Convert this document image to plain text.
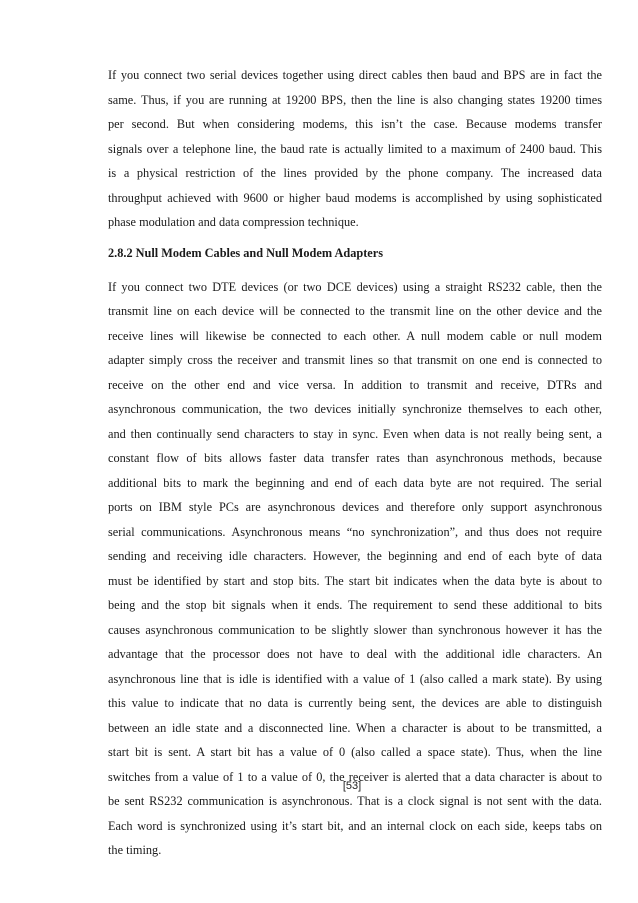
If you connect two serial devices together using direct cables then baud and BPS are in fact the
same. Thus, if you are running at 19200 BPS, then the line is also changing states 19200 times
per second. But when considering modems, this isn’t the case. Because modems transfer
signals over a telephone line, the baud rate is actually limited to a maximum of 2400 baud. This
is a physical restriction of the lines provided by the phone company. The increased data
throughput achieved with 9600 or higher baud modems is accomplished by using sophisticated
phase modulation and data compression technique.
2.8.2 Null Modem Cables and Null Modem Adapters
If you connect two DTE devices (or two DCE devices) using a straight RS232 cable, then the
transmit line on each device will be connected to the transmit line on the other device and the
receive lines will likewise be connected to each other. A null modem cable or null modem
adapter simply cross the receiver and transmit lines so that transmit on one end is connected to
receive on the other end and vice versa. In addition to transmit and receive, DTRs and
asynchronous communication, the two devices initially synchronize themselves to each other,
and then continually send characters to stay in sync. Even when data is not really being sent, a
constant flow of bits allows faster data transfer rates than asynchronous methods, because
additional bits to mark the beginning and end of each data byte are not required. The serial
ports on IBM style PCs are asynchronous devices and therefore only support asynchronous
serial communications. Asynchronous means “no synchronization”, and thus does not require
sending and receiving idle characters. However, the beginning and end of each byte of data
must be identified by start and stop bits. The start bit indicates when the data byte is about to
being and the stop bit signals when it ends. The requirement to send these additional to bits
causes asynchronous communication to be slightly slower than synchronous however it has the
advantage that the processor does not have to deal with the additional idle characters. An
asynchronous line that is idle is identified with a value of 1 (also called a mark state). By using
this value to indicate that no data is currently being sent, the devices are able to distinguish
between an idle state and a disconnected line. When a character is about to be transmitted, a
start bit is sent. A start bit has a value of 0 (also called a space state). Thus, when the line
switches from a value of 1 to a value of 0, the receiver is alerted that a data character is about to
be sent RS232 communication is asynchronous. That is a clock signal is not sent with the data.
Each word is synchronized using it’s start bit, and an internal clock on each side, keeps tabs on
the timing.
[53]
